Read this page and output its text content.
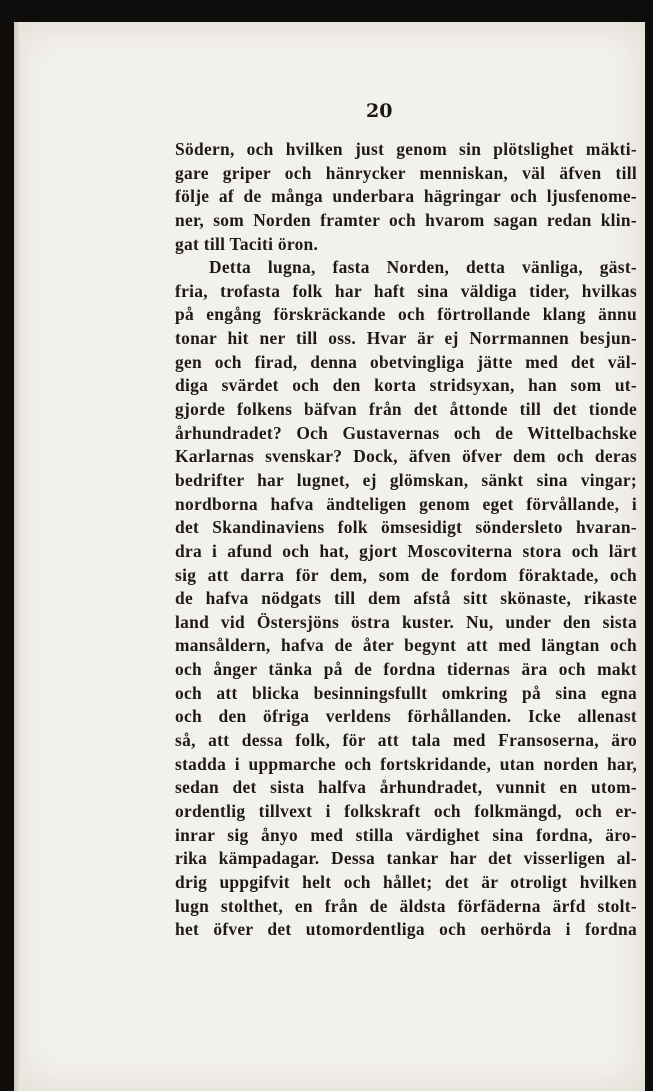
20
Södern, och hvilken just genom sin plötslighet mäkti-
gare griper och hänrycker menniskan, väl äfven till
följe af de många underbara hägringar och ljusfenome-
ner, som Norden framter och hvarom sagan redan klin-
gat till Taciti öron.
Detta lugna, fasta Norden, detta vänliga, gäst-
fria, trofasta folk har haft sina väldiga tider, hvilkas
på engång förskräckande och förtrollande klang ännu
tonar hit ner till oss. Hvar är ej Norrmannen besjun-
gen och firad, denna obetvingliga jätte med det väl-
diga svärdet och den korta stridsyxan, han som ut-
gjorde folkens bäfvan från det åttonde till det tionde
århundradet? Och Gustavernas och de Wittelbachske
Karlarnas svenskar? Dock, äfven öfver dem och deras
bedrifter har lugnet, ej glömskan, sänkt sina vingar;
nordborna hafva ändteligen genom eget förvållande, i
det Skandinaviens folk ömsesidigt söndersleto hvaran-
dra i afund och hat, gjort Moscoviterna stora och lärt
sig att darra för dem, som de fordom föraktade, och
de hafva nödgats till dem afstå sitt skönaste, rikaste
land vid Östersjöns östra kuster. Nu, under den sista
mansåldern, hafva de åter begynt att med längtan och
och ånger tänka på de fordna tidernas ära och makt
och att blicka besinningsfullt omkring på sina egna
och den öfriga verldens förhållanden. Icke allenast
så, att dessa folk, för att tala med Fransoserna, äro
stadda i uppmarche och fortskridande, utan norden har,
sedan det sista halfva århundradet, vunnit en utom-
ordentlig tillvext i folkskraft och folkmängd, och er-
inrar sig ånyo med stilla värdighet sina fordna, äro-
rika kämpadagar. Dessa tankar har det visserligen al-
drig uppgifvit helt och hållet; det är otroligt hvilken
lugn stolthet, en från de äldsta förfäderna ärfd stolt-
het öfver det utomordentliga och oerhörda i fordna
